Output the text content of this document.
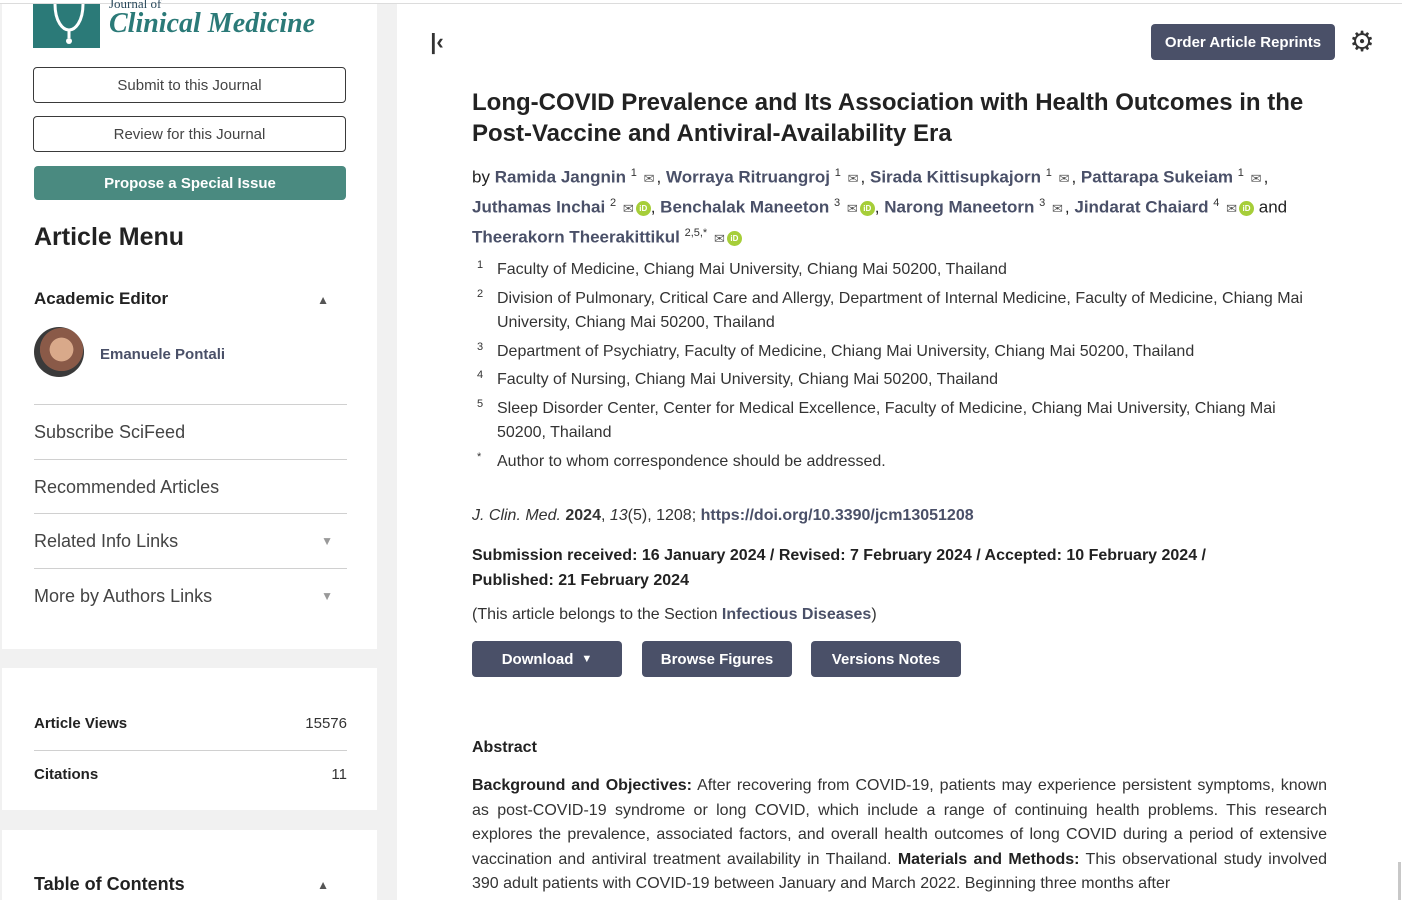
Journal of
Clinical Medicine
Submit to this Journal
Review for this Journal
Propose a Special Issue
Article Menu
Academic Editor	▲
Emanuele Pontali
Subscribe SciFeed
Recommended Articles
Related Info Links	▼
More by Authors Links	▼
Article Views	15576
Citations	11
Table of Contents	▲
|‹	Order Article Reprints	⚙
Long-COVID Prevalence and Its Association with Health Outcomes in the Post-Vaccine and Antiviral-Availability Era
by Ramida Jangnin $^1$ ✉ , Worraya Ritruangroj $^1$ ✉ , Sirada Kittisupkajorn $^1$ ✉ , Pattarapa Sukeiam $^1$ ✉ , Juthamas Inchai $^2$ ✉ iD , Benchalak Maneeton $^3$ ✉ iD , Narong Maneetorn $^3$ ✉ , Jindarat Chaiard $^4$ ✉ iD and
Theerakorn Theerakittikul $^{2,5,*}$ ✉ iD
1 Faculty of Medicine, Chiang Mai University, Chiang Mai 50200, Thailand
2 Division of Pulmonary, Critical Care and Allergy, Department of Internal Medicine, Faculty of Medicine, Chiang Mai University, Chiang Mai 50200, Thailand
3 Department of Psychiatry, Faculty of Medicine, Chiang Mai University, Chiang Mai 50200, Thailand
4 Faculty of Nursing, Chiang Mai University, Chiang Mai 50200, Thailand
5 Sleep Disorder Center, Center for Medical Excellence, Faculty of Medicine, Chiang Mai University, Chiang Mai 50200, Thailand
* Author to whom correspondence should be addressed.
J. Clin. Med. 2024, 13(5), 1208; https://doi.org/10.3390/jcm13051208
Submission received: 16 January 2024 / Revised: 7 February 2024 / Accepted: 10 February 2024 / Published: 21 February 2024
(This article belongs to the Section Infectious Diseases)
Download ▼	Browse Figures	Versions Notes
Abstract
Background and Objectives: After recovering from COVID-19, patients may experience persistent symptoms, known as post-COVID-19 syndrome or long COVID, which include a range of continuing health problems. This research explores the prevalence, associated factors, and overall health outcomes of long COVID during a period of extensive vaccination and antiviral treatment availability in Thailand. Materials and Methods: This observational study involved 390 adult patients with COVID-19 between January and March 2022. Beginning three months after
